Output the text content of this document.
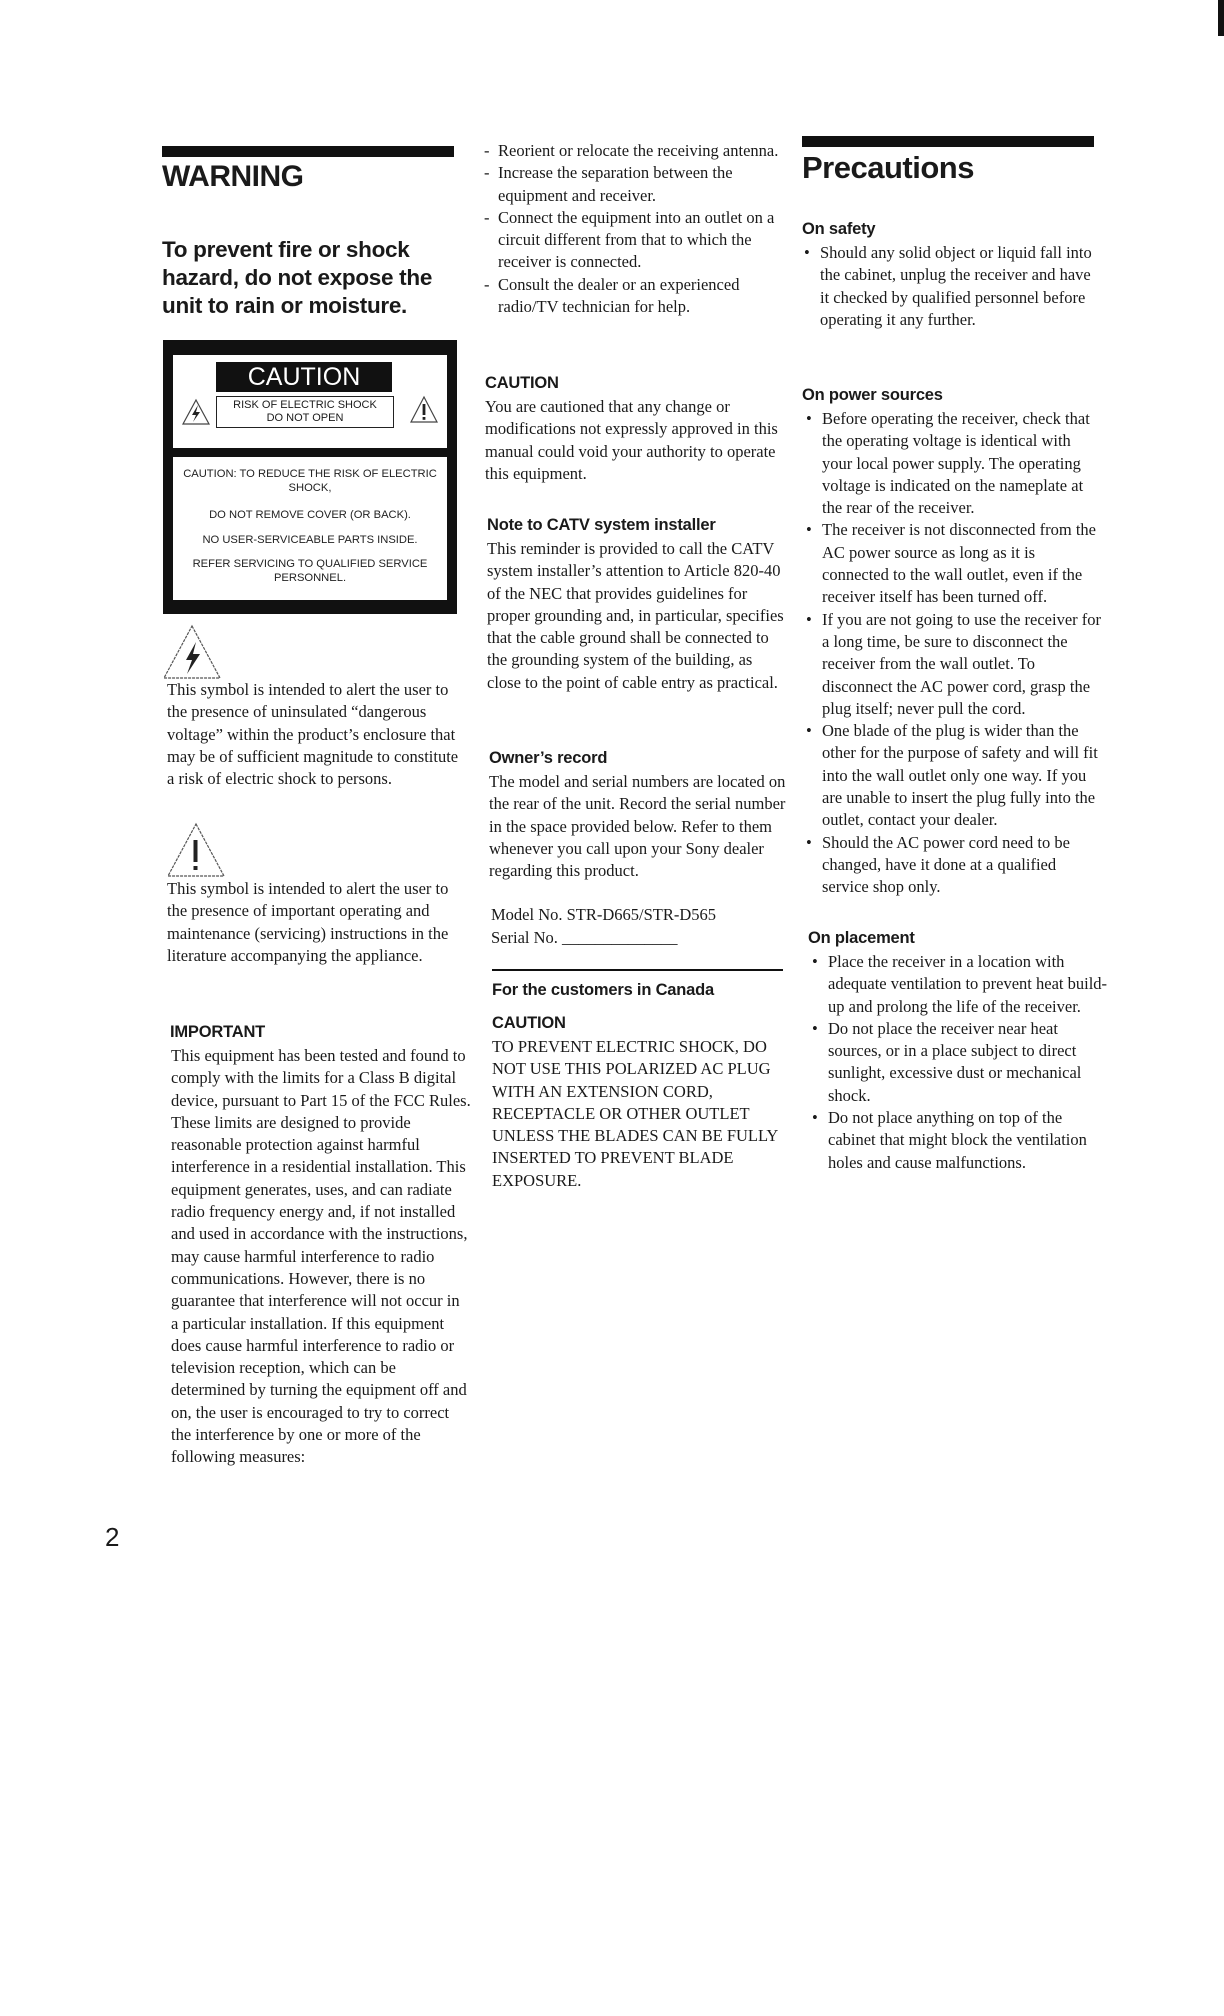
WARNING
To prevent fire or shock hazard, do not expose the unit to rain or moisture.
CAUTION
RISK OF ELECTRIC SHOCK
DO NOT OPEN
CAUTION: TO REDUCE THE RISK OF ELECTRIC SHOCK,
DO NOT REMOVE COVER (OR BACK).
NO USER-SERVICEABLE PARTS INSIDE.
REFER SERVICING TO QUALIFIED SERVICE PERSONNEL.

This symbol is intended to alert the user to the presence of uninsulated “dangerous voltage” within the product’s enclosure that may be of sufficient magnitude to constitute a risk of electric shock to persons.

This symbol is intended to alert the user to the presence of important operating and maintenance (servicing) instructions in the literature accompanying the appliance.

IMPORTANT

This equipment has been tested and found to comply with the limits for a Class B digital device, pursuant to Part 15 of the FCC Rules.

These limits are designed to provide reasonable protection against harmful interference in a residential installation. This equipment generates, uses, and can radiate radio frequency energy and, if not installed and used in accordance with the instructions, may cause harmful interference to radio communications. However, there is no guarantee that interference will not occur in a particular installation. If this equipment does cause harmful interference to radio or television reception, which can be determined by turning the equipment off and on, the user is encouraged to try to correct the interference by one or more of the following measures:

2
- Reorient or relocate the receiving antenna.
- Increase the separation between the equipment and receiver.
- Connect the equipment into an outlet on a circuit different from that to which the receiver is connected.
- Consult the dealer or an experienced radio/TV technician for help.
CAUTION

You are cautioned that any change or modifications not expressly approved in this manual could void your authority to operate this equipment.

Note to CATV system installer

This reminder is provided to call the CATV system installer’s attention to Article 820-40 of the NEC that provides guidelines for proper grounding and, in particular, specifies that the cable ground shall be connected to the grounding system of the building, as close to the point of cable entry as practical.

Owner’s record

The model and serial numbers are located on the rear of the unit. Record the serial number in the space provided below. Refer to them whenever you call upon your Sony dealer regarding this product.

Model No. STR-D665/STR-D565

Serial No. ______________

For the customers in Canada
CAUTION

TO PREVENT ELECTRIC SHOCK, DO NOT USE THIS POLARIZED AC PLUG WITH AN EXTENSION CORD, RECEPTACLE OR OTHER OUTLET UNLESS THE BLADES CAN BE FULLY INSERTED TO PREVENT BLADE EXPOSURE.

Precautions
On safety
• Should any solid object or liquid fall into the cabinet, unplug the receiver and have it checked by qualified personnel before operating it any further.
On power sources
• Before operating the receiver, check that the operating voltage is identical with your local power supply. The operating voltage is indicated on the nameplate at the rear of the receiver.
• The receiver is not disconnected from the AC power source as long as it is connected to the wall outlet, even if the receiver itself has been turned off.
• If you are not going to use the receiver for a long time, be sure to disconnect the receiver from the wall outlet. To disconnect the AC power cord, grasp the plug itself; never pull the cord.
• One blade of the plug is wider than the other for the purpose of safety and will fit into the wall outlet only one way. If you are unable to insert the plug fully into the outlet, contact your dealer.
• Should the AC power cord need to be changed, have it done at a qualified service shop only.
On placement
• Place the receiver in a location with adequate ventilation to prevent heat build-up and prolong the life of the receiver.
• Do not place the receiver near heat sources, or in a place subject to direct sunlight, excessive dust or mechanical shock.
• Do not place anything on top of the cabinet that might block the ventilation holes and cause malfunctions.
